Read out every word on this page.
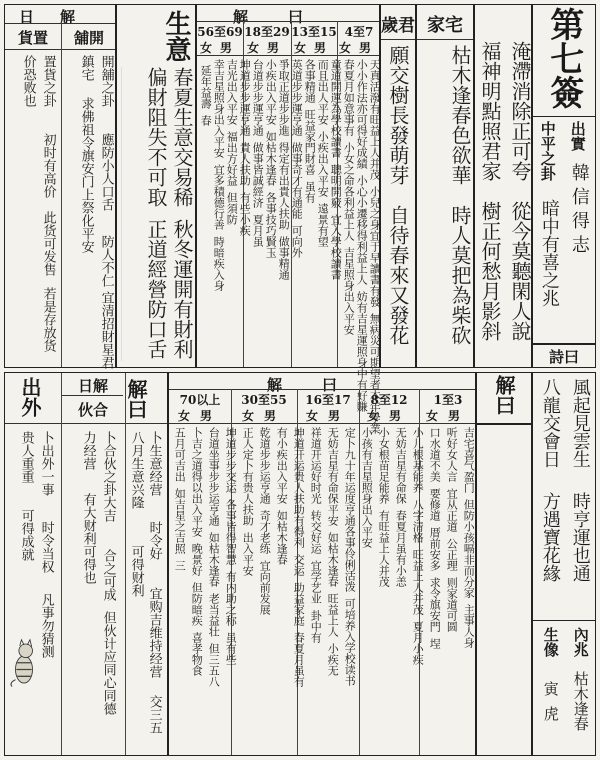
第七簽
出實
韓信得志
中平之卦
暗中有喜之兆
詩曰
淹滯消除正可夸
從今莫聽閑人說
福神明點照君家
樹正何愁月影斜
家宅
枯木逢春色欲華
時人莫把為柴砍
歲君
願交樹長發萌芽
自待春來又發花
解曰
4至7
13至15
18至29
56至69
女男
女男
女男
女男
天真活潑有旺益上人并茂
小兒之身宜于早讀書有發
無病災可期望者本年學業
小小作法亦可得好成績
小心小遷移得利益上人
妨有吉星運照身中有好賺
春夏月如意事有
小女之命各利益上人
吉星照身出入平安
童道開運為學校讀書
聰明開竅
宜入學校讀書
而且出人平安
小疾出入平安
遠景有望
各事精通
旺益家門財喜
虽有
英道步步運亨通
做事奇才有通能
可向外
爭取正道步步進
得定有出貴人扶助
做事精通
小疾出入平安
如枯木逢春
各事技巧賢玉
台道步步運亨通
做事皆誠經济
夏月虽
坤道步步運亨通
貴人扶助
有些小疾
吉光出入平安
福出方好益
但須防
幸吉星照身出入平安
宜多積德行善
時暗疾入身
延年益壽
春
生意
春夏生意交易稀
偏財阻失不可取
秋冬運開有財利
正道經營防口舌
日解
舖開
貨置
開舖之卦
應防小人口舌
防人不仁
宜清招財星君
鎮宅
求佛祖令旗安门上祭化平安
置貨之卦
初时有高价
此货可发售
若是存放货
价恐败也
解曰	風起見雲生
時亨運也通
八龍交會日
方遇寶花緣
內兆
枯木逢春
生像
寅虎
解曰
1至3
8至12
16至17
30至55
70以上
女男
女男
女男
女男
女男
吉宅喜气盈门
但防小孩嗝非而分家
主事人身
听好女人言
宜从正道
公正理
则家道可圆
口水道不美
要修道
厝前安多
求令旗安門
埕
小儿根基能养
八字清格
旺益上人并茂
夏月小疾
无妨吉星有命保
春夏月虽有小恙
小女根苗足能养
有旺益上人并茂
小孩有吉星照身出入平安
定卜九十年运度亨通各事伶俐活泼
可培养入学校读书
无妨吉星有命保平安
如枯木逢春
旺益上人
小疾无
祥道开运好时光
转交好运
宜学艺业
卦中有
坤道开运贵人扶助有得利
交运
助益家庭
春夏月虽有
有小疾出入平安
如枯木逢春
乾道步步运亨通
奇才老练
宜向前发展
正人定卜有贵人扶助
出入平安
坤道步步交运
各事皆得智慧
有内助之称
虽有些
台道坐事步步运亨通
如枯木逢春
老当益壮
但三五八
卜吉之道得以出入平安
晚景好
但防暗疾
喜孝物食
五月可吉出
如吉星之吉照
三
解曰
日解
伙合
出外
卜生意经营
时令好
宜购吉维持经营
交三五
八月生意兴隆
可得财利
卜合伙之卦大吉
合之可成
但伙计应同心同德
力经营
有大财利可得也
卜出外一事
时令当权
凡事勿猜测
贵人重重
可得成就
